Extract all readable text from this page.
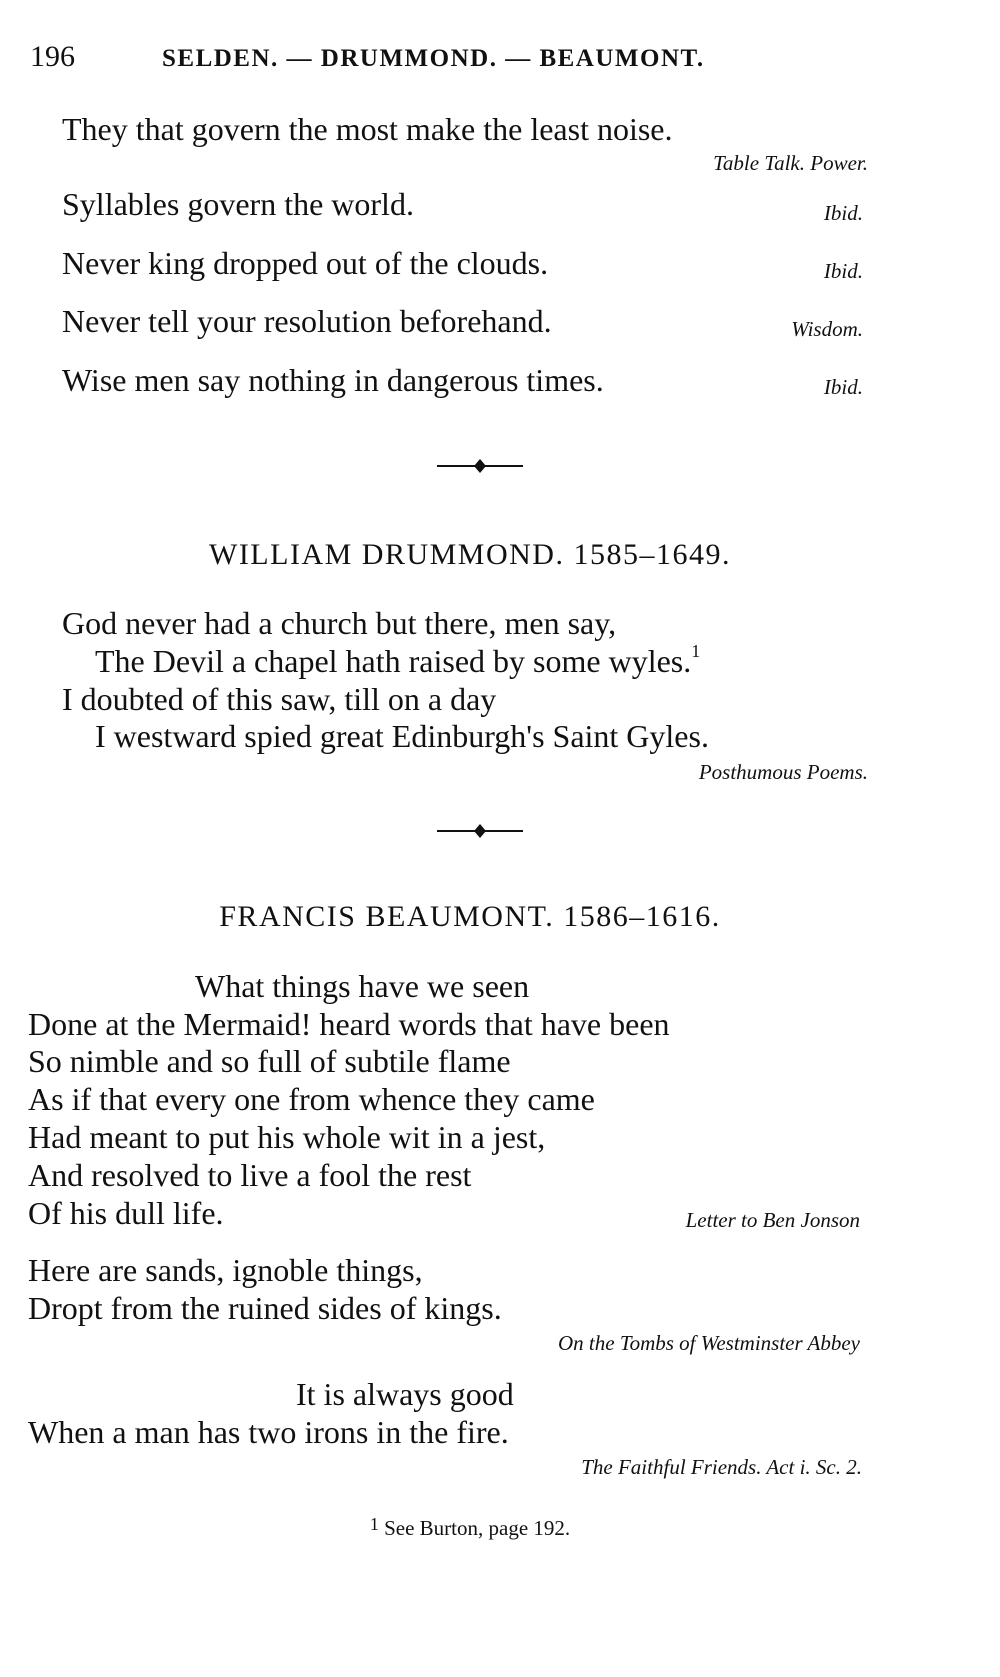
196	SELDEN. — DRUMMOND. — BEAUMONT.
They that govern the most make the least noise.
Table Talk. Power.
Syllables govern the world.	Ibid.
Never king dropped out of the clouds.	Ibid.
Never tell your resolution beforehand.	Wisdom.
Wise men say nothing in dangerous times.	Ibid.
WILLIAM DRUMMOND. 1585–1649.
God never had a church but there, men say,
The Devil a chapel hath raised by some wyles.$^1$
I doubted of this saw, till on a day
I westward spied great Edinburgh's Saint Gyles.
Posthumous Poems.
FRANCIS BEAUMONT. 1586–1616.
What things have we seen
Done at the Mermaid! heard words that have been
So nimble and so full of subtile flame
As if that every one from whence they came
Had meant to put his whole wit in a jest,
And resolved to live a fool the rest
Of his dull life.	Letter to Ben Jonson
Here are sands, ignoble things,
Dropt from the ruined sides of kings.
On the Tombs of Westminster Abbey
It is always good
When a man has two irons in the fire.
The Faithful Friends. Act i. Sc. 2.
$^1$ See Burton, page 192.
